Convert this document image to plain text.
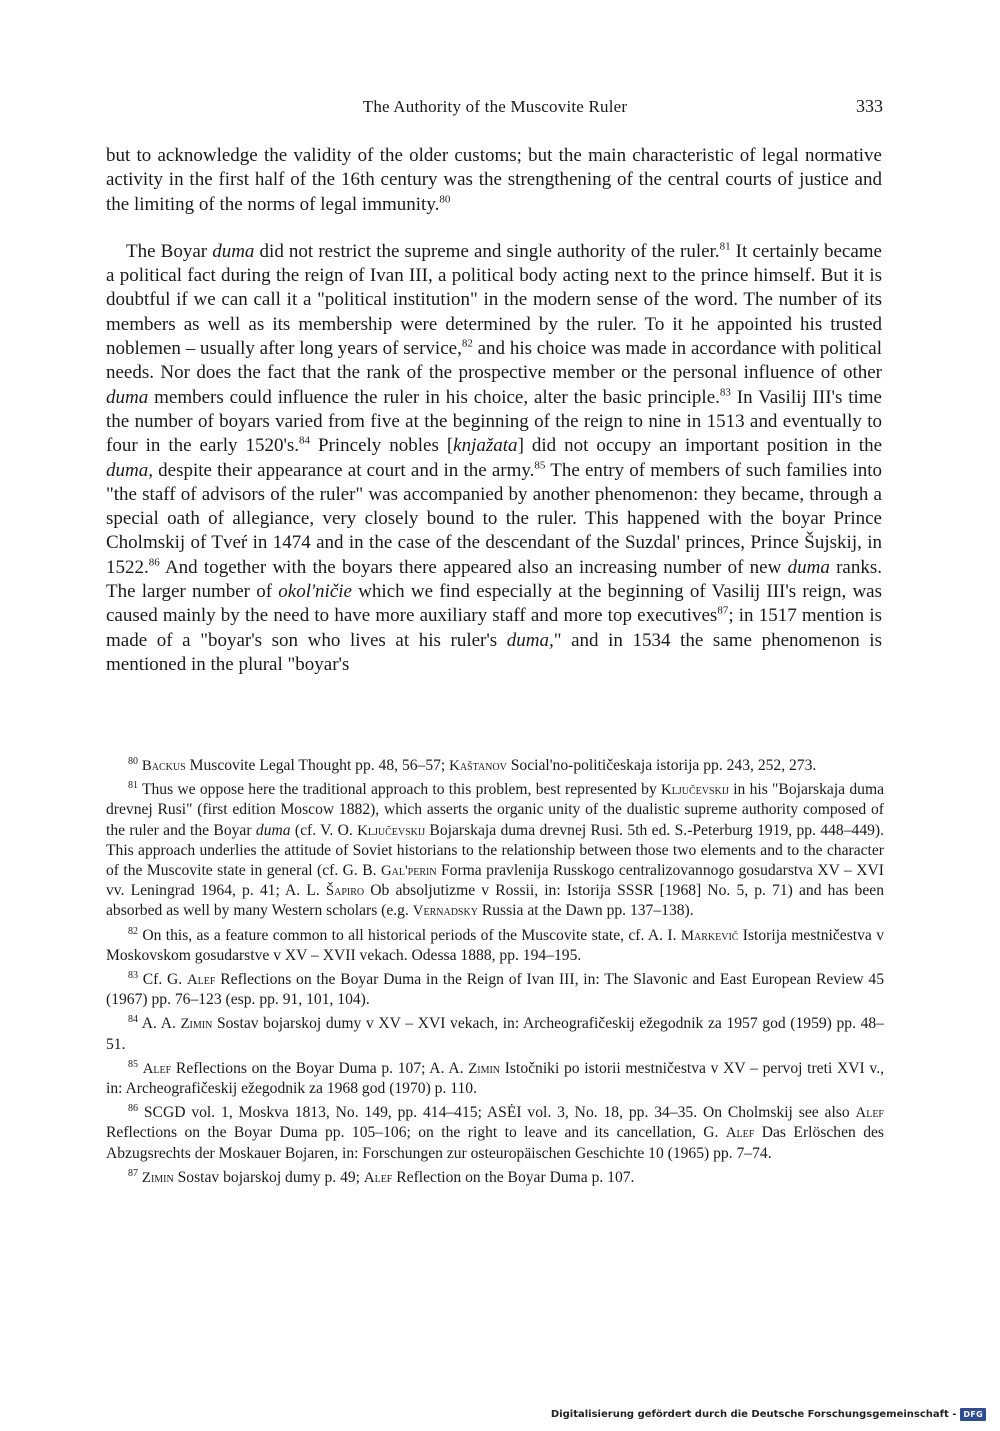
The Authority of the Muscovite Ruler	333

but to acknowledge the validity of the older customs; but the main characteristic of legal normative activity in the first half of the 16th century was the strengthening of the central courts of justice and the limiting of the norms of legal immunity.$^{80}$

The Boyar duma did not restrict the supreme and single authority of the ruler.$^{81}$ It certainly became a political fact during the reign of Ivan III, a political body acting next to the prince himself. But it is doubtful if we can call it a "political institution" in the modern sense of the word. The number of its members as well as its membership were determined by the ruler. To it he appointed his trusted noblemen – usually after long years of service,$^{82}$ and his choice was made in accordance with political needs. Nor does the fact that the rank of the prospective member or the personal influence of other duma members could influence the ruler in his choice, alter the basic principle.$^{83}$ In Vasilij III's time the number of boyars varied from five at the beginning of the reign to nine in 1513 and eventually to four in the early 1520's.$^{84}$ Princely nobles [knjažata] did not occupy an important position in the duma, despite their appearance at court and in the army.$^{85}$ The entry of members of such families into "the staff of advisors of the ruler" was accompanied by another phenomenon: they became, through a special oath of allegiance, very closely bound to the ruler. This happened with the boyar Prince Cholmskij of Tveŕ in 1474 and in the case of the descendant of the Suzdal' princes, Prince Šujskij, in 1522.86 And together with the boyars there appeared also an increasing number of new duma ranks. The larger number of okol'ničie which we find especially at the beginning of Vasilij III's reign, was caused mainly by the need to have more auxiliary staff and more top executives$^{87}$; in 1517 mention is made of a "boyar's son who lives at his ruler's duma," and in 1534 the same phenomenon is mentioned in the plural "boyar's

$^{80}$ Backus Muscovite Legal Thought pp. 48, 56–57; Kaštanov Social'no-političeskaja istorija pp. 243, 252, 273.

$^{81}$ Thus we oppose here the traditional approach to this problem, best represented by Ključevskij in his "Bojarskaja duma drevnej Rusi" (first edition Moscow 1882), which asserts the organic unity of the dualistic supreme authority composed of the ruler and the Boyar duma (cf. V. O. Ključevskij Bojarskaja duma drevnej Rusi. 5th ed. S.-Peterburg 1919, pp. 448–449). This approach underlies the attitude of Soviet historians to the relationship between those two elements and to the character of the Muscovite state in general (cf. G. B. Gal'perin Forma pravlenija Russkogo centralizovannogo gosudarstva XV – XVI vv. Leningrad 1964, p. 41; A. L. Šapiro Ob absoljutizme v Rossii, in: Istorija SSSR [1968] No. 5, p. 71) and has been absorbed as well by many Western scholars (e.g. Vernadsky Russia at the Dawn pp. 137–138).

$^{82}$ On this, as a feature common to all historical periods of the Muscovite state, cf. A. I. Markevič Istorija mestničestva v Moskovskom gosudarstve v XV – XVII vekach. Odessa 1888, pp. 194–195.

$^{83}$ Cf. G. Alef Reflections on the Boyar Duma in the Reign of Ivan III, in: The Slavonic and East European Review 45 (1967) pp. 76–123 (esp. pp. 91, 101, 104).

$^{84}$ A. A. Zimin Sostav bojarskoj dumy v XV – XVI vekach, in: Archeografičeskij ežegodnik za 1957 god (1959) pp. 48–51.

$^{85}$ Alef Reflections on the Boyar Duma p. 107; A. A. Zimin Istočniki po istorii mestničestva v XV – pervoj treti XVI v., in: Archeografičeskij ežegodnik za 1968 god (1970) p. 110.

$^{86}$ SCGD vol. 1, Moskva 1813, No. 149, pp. 414–415; ASĖI vol. 3, No. 18, pp. 34–35. On Cholmskij see also Alef Reflections on the Boyar Duma pp. 105–106; on the right to leave and its cancellation, G. Alef Das Erlöschen des Abzugsrechts der Moskauer Bojaren, in: Forschungen zur osteuropäischen Geschichte 10 (1965) pp. 7–74.

$^{87}$ Zimin Sostav bojarskoj dumy p. 49; Alef Reflection on the Boyar Duma p. 107.

Digitalisierung gefördert durch die Deutsche Forschungsgemeinschaft - DFG
